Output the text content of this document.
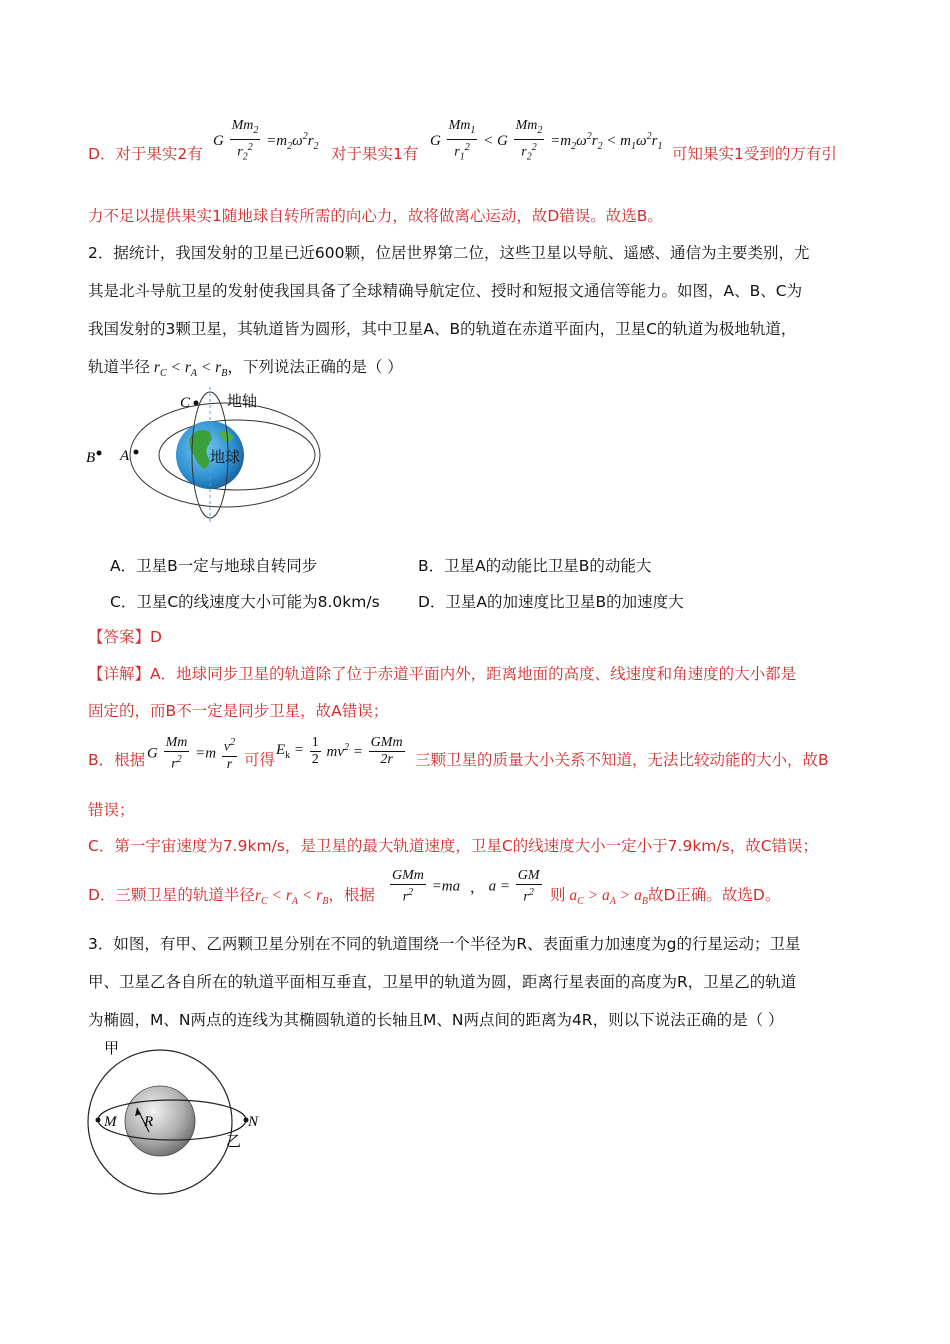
D．对于果实2有
G $\frac{Mm_2}{r_2^2} =m_2\omega^2r_2$ 对于果实1有
G $\frac{Mm_1}{r_1^2} < G \frac{Mm_2}{r_2^2} =m_2\omega^2r_2 < m_1\omega^2r_1$ 可知果实1受到的万有引
力不足以提供果实1随地球自转所需的向心力，故将做离心运动，故D错误。故选B。
2．据统计，我国发射的卫星已近600颗，位居世界第二位，这些卫星以导航、遥感、通信为主要类别，尤
其是北斗导航卫星的发射使我国具备了全球精确导航定位、授时和短报文通信等能力。如图，A、B、C为
我国发射的3颗卫星，其轨道皆为圆形，其中卫星A、B的轨道在赤道平面内，卫星C的轨道为极地轨道，
轨道半径 $r_C < r_A < r_B$，下列说法正确的是（ ）
C 地轴
B A	地球
A．卫星B一定与地球自转同步	B．卫星A的动能比卫星B的动能大
C．卫星C的线速度大小可能为8.0km/s D．卫星A的加速度比卫星B的加速度大
【答案】D
【详解】A．地球同步卫星的轨道除了位于赤道平面内外，距离地面的高度、线速度和角速度的大小都是
固定的，而B不一定是同步卫星，故A错误；
B．根据 G $\frac{Mm}{r^2} =m \frac{v^2}{r}$ 可得
$E_k = \frac{1}{2} mv^2 = \frac{\text{GMm}}{2r}$ 三颗卫星的质量大小关系不知道，无法比较动能的大小，故B
错误；
C．第一宇宙速度为7.9km/s，是卫星的最大轨道速度，卫星C的线速度大小一定小于7.9km/s，故C错误；
D．三颗卫星的轨道半径$r_C < r_A < r_B$，根据 $\frac{\text{GMm}}{r^2} =ma$ ， $a = \frac{GM}{r^2}$ 则 $a_C > a_A > a_B$故D正确。故选D。
3．如图，有甲、乙两颗卫星分别在不同的轨道围绕一个半径为R、表面重力加速度为g的行星运动；卫星
甲、卫星乙各自所在的轨道平面相互垂直，卫星甲的轨道为圆，距离行星表面的高度为R，卫星乙的轨道
为椭圆，M、N两点的连线为其椭圆轨道的长轴且M、N两点间的距离为4R，则以下说法正确的是（ ）
甲
乙
M	N
R
